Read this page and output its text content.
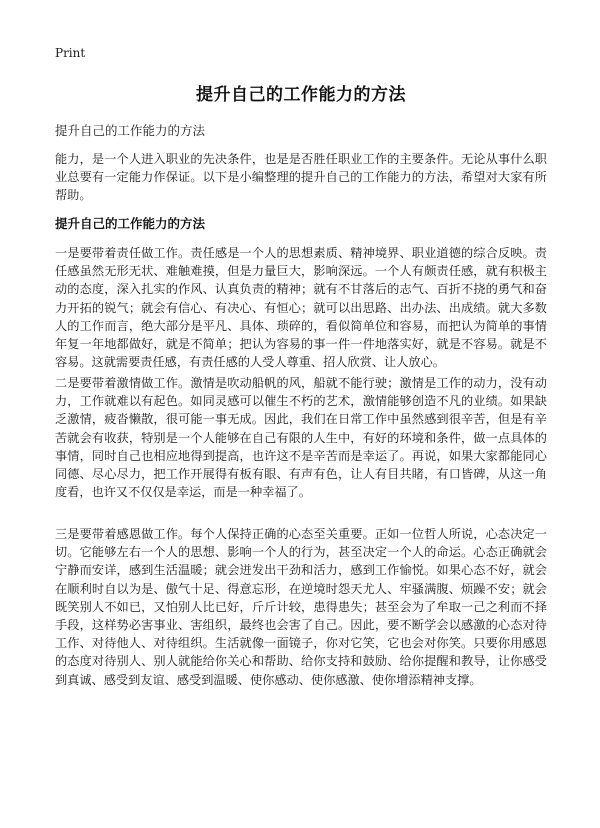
Print
提升自己的工作能力的方法
提升自己的工作能力的方法
能力，是一个人进入职业的先决条件，也是是否胜任职业工作的主要条件。无论从事什么职业总要有一定能力作保证。以下是小编整理的提升自己的工作能力的方法，希望对大家有所帮助。
提升自己的工作能力的方法
一是要带着责任做工作。责任感是一个人的思想素质、精神境界、职业道德的综合反映。责任感虽然无形无状、难触难摸，但是力量巨大，影响深远。一个人有颇责任感，就有积极主动的态度，深入扎实的作风、认真负责的精神；就有不甘落后的志气、百折不挠的勇气和奋力开拓的锐气；就会有信心、有决心、有恒心；就可以出思路、出办法、出成绩。就大多数人的工作而言，绝大部分是平凡、具体、琐碎的，看似简单位和容易，而把认为简单的事情年复一年地都做好，就是不简单；把认为容易的事一件一件地落实好，就是不容易。就是不容易。这就需要责任感，有责任感的人受人尊重、招人欣赏、让人放心。
二是要带着激情做工作。激情是吹动船帆的风，船就不能行驶；激情是工作的动力，没有动力，工作就难以有起色。如同灵感可以催生不朽的艺术，激情能够创造不凡的业绩。如果缺乏激情，疲沓懒散，很可能一事无成。因此，我们在日常工作中虽然感到很辛苦，但是有辛苦就会有收获，特别是一个人能够在自己有限的人生中，有好的环境和条件，做一点具体的事情，同时自己也相应地得到提高，也许这不是辛苦而是幸运了。再说，如果大家都能同心同德、尽心尽力，把工作开展得有板有眼、有声有色，让人有目共睹，有口皆碑，从这一角度看，也许又不仅仅是幸运，而是一种幸福了。
三是要带着感恩做工作。每个人保持正确的心态至关重要。正如一位哲人所说，心态决定一切。它能够左右一个人的思想、影响一个人的行为，甚至决定一个人的命运。心态正确就会宁静而安详，感到生活温暖；就会迸发出干劲和活力，感到工作愉悦。如果心态不好，就会在顺利时自以为是、傲气十足、得意忘形，在逆境时怨天尤人、牢骚满腹、烦躁不安；就会既笑别人不如已，又怕别人比已好，斤斤计较，患得患失；甚至会为了牟取一己之利而不择手段，这样势必害事业、害组织，最终也会害了自己。因此，要不断学会以感激的心态对待工作、对待他人、对待组织。生活就像一面镜子，你对它笑，它也会对你笑。只要你用感恩的态度对待别人、别人就能给你关心和帮助、给你支持和鼓励、给你提醒和教导，让你感受到真诚、感受到友谊、感受到温暖、使你感动、使你感激、使你增添精神支撑。
